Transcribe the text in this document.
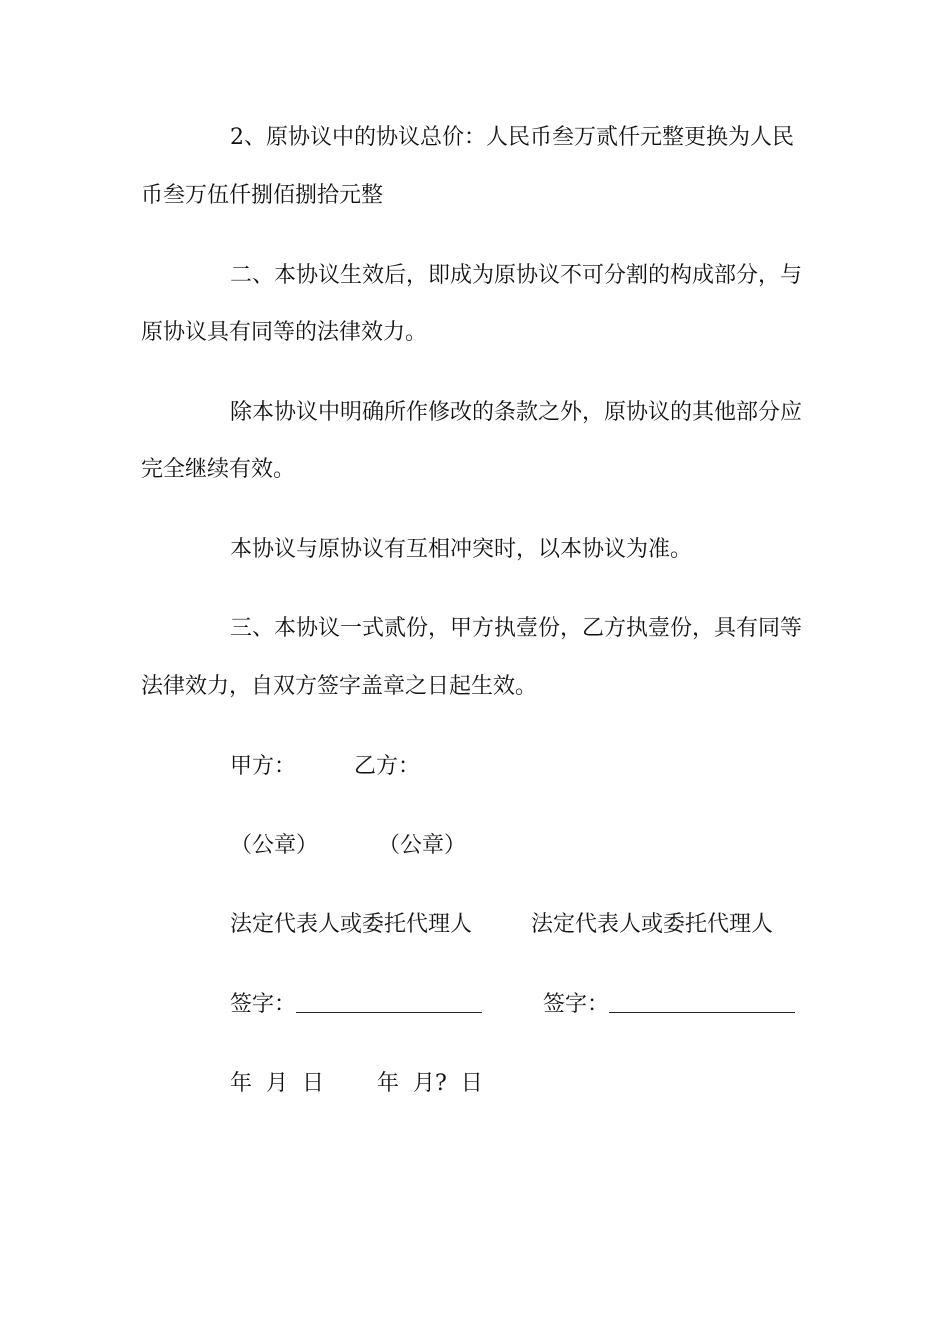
2、原协议中的协议总价：人民币叁万贰仟元整更换为人民
币叁万伍仟捌佰捌拾元整
二、本协议生效后，即成为原协议不可分割的构成部分，与
原协议具有同等的法律效力。
除本协议中明确所作修改的条款之外，原协议的其他部分应
完全继续有效。
本协议与原协议有互相冲突时，以本协议为准。
三、本协议一式贰份，甲方执壹份，乙方执壹份，具有同等
法律效力，自双方签字盖章之日起生效。
甲方：	乙方：
（公章）	（公章）
法定代表人或委托代理人	法定代表人或委托代理人
签字：	签字：
年  月  日 年  月?  日
